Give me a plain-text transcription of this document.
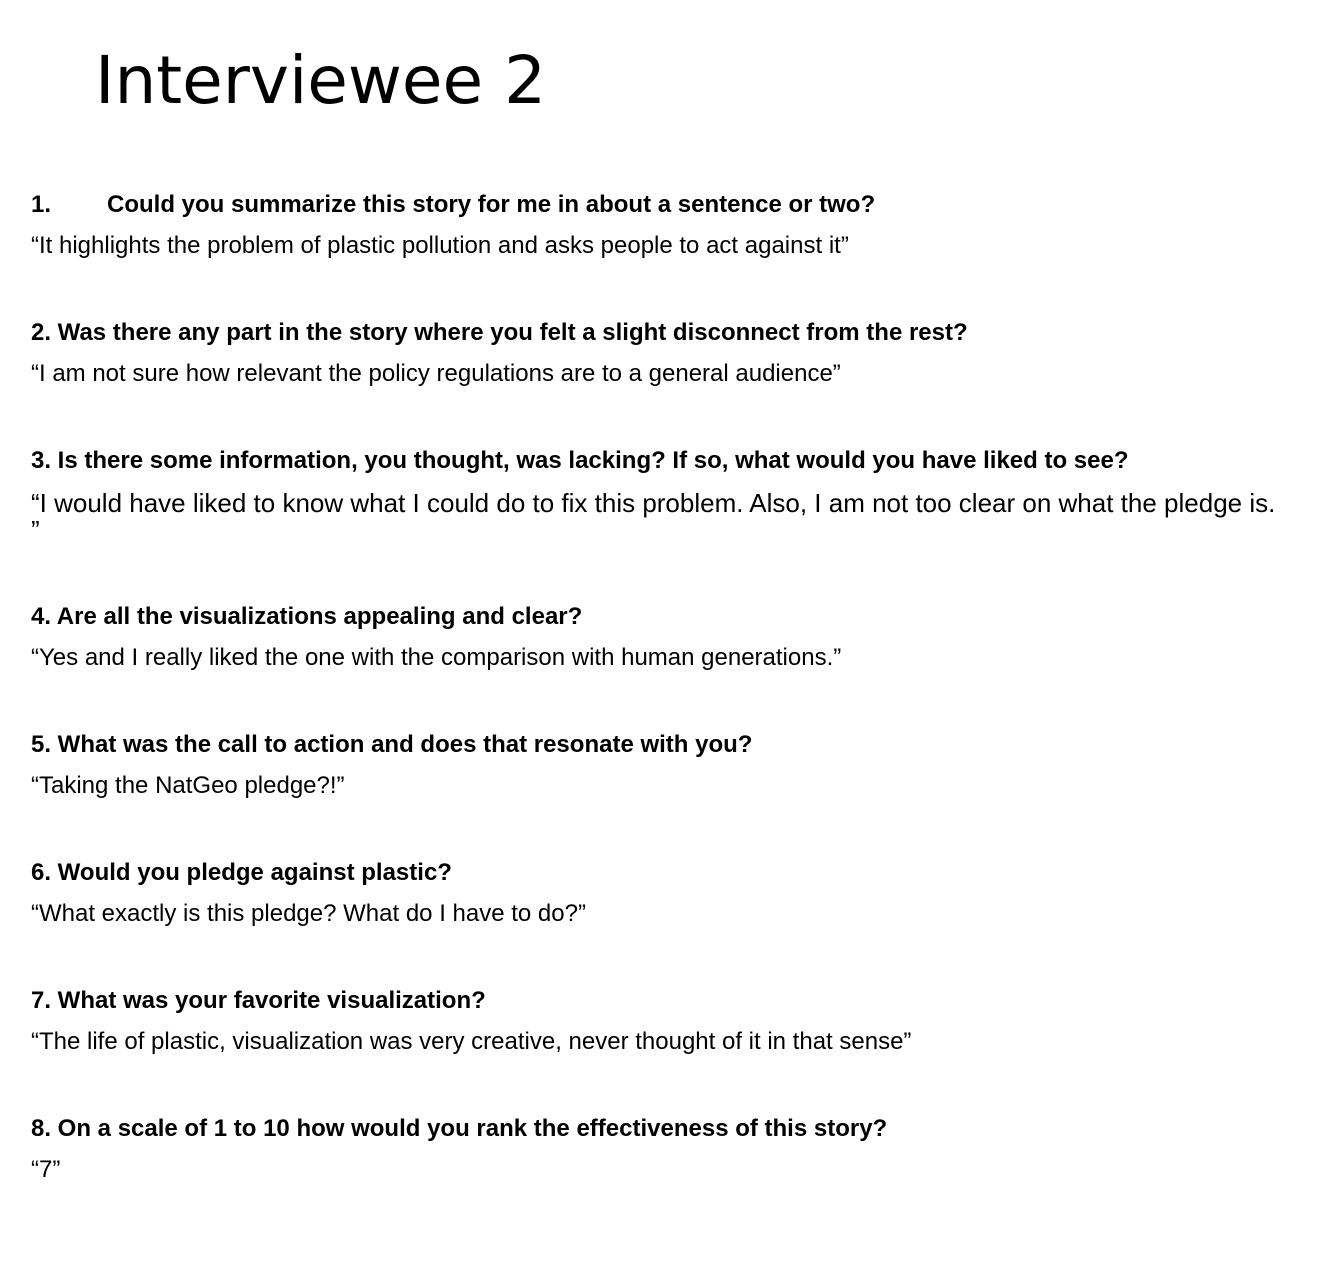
Interviewee 2
1. Could you summarize this story for me in about a sentence or two?
“It highlights the problem of plastic pollution and asks people to act against it”
2. Was there any part in the story where you felt a slight disconnect from the rest?
“I am not sure how relevant the policy regulations are to a general audience”
3. Is there some information, you thought, was lacking? If so, what would you have liked to see?
“I would have liked to know what I could do to fix this problem. Also, I am not too clear on what the pledge is. ”
4. Are all the visualizations appealing and clear?
“Yes and I really liked the one with the comparison with human generations.”
5. What was the call to action and does that resonate with you?
“Taking the NatGeo pledge?!”
6. Would you pledge against plastic?
“What exactly is this pledge? What do I have to do?”
7. What was your favorite visualization?
“The life of plastic, visualization was very creative, never thought of it in that sense”
8. On a scale of 1 to 10 how would you rank the effectiveness of this story?
“7”
